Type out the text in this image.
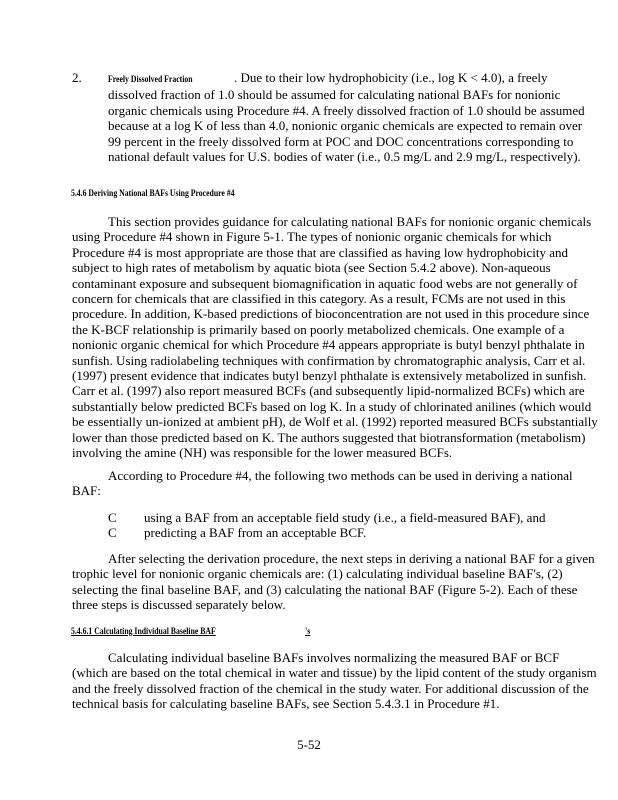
2.	Freely Dissolved Fraction	. Due to their low hydrophobicity (i.e., log K < 4.0), a freely dissolved fraction of 1.0 should be assumed for calculating national BAFs for nonionic organic chemicals using Procedure #4. A freely dissolved fraction of 1.0 should be assumed because at a log K of less than 4.0, nonionic organic chemicals are expected to remain over 99 percent in the freely dissolved form at POC and DOC concentrations corresponding to national default values for U.S. bodies of water (i.e., 0.5 mg/L and 2.9 mg/L, respectively).
5.4.6 Deriving National BAFs Using Procedure #4
This section provides guidance for calculating national BAFs for nonionic organic chemicals using Procedure #4 shown in Figure 5-1. The types of nonionic organic chemicals for which Procedure #4 is most appropriate are those that are classified as having low hydrophobicity and subject to high rates of metabolism by aquatic biota (see Section 5.4.2 above). Non-aqueous contaminant exposure and subsequent biomagnification in aquatic food webs are not generally of concern for chemicals that are classified in this category. As a result, FCMs are not used in this procedure. In addition, K-based predictions of bioconcentration are not used in this procedure since the K-BCF relationship is primarily based on poorly metabolized chemicals. One example of a nonionic organic chemical for which Procedure #4 appears appropriate is butyl benzyl phthalate in sunfish. Using radiolabeling techniques with confirmation by chromatographic analysis, Carr et al. (1997) present evidence that indicates butyl benzyl phthalate is extensively metabolized in sunfish. Carr et al. (1997) also report measured BCFs (and subsequently lipid-normalized BCFs) which are substantially below predicted BCFs based on log K. In a study of chlorinated anilines (which would be essentially un-ionized at ambient pH), de Wolf et al. (1992) reported measured BCFs substantially lower than those predicted based on K. The authors suggested that biotransformation (metabolism) involving the amine (NH) was responsible for the lower measured BCFs.
According to Procedure #4, the following two methods can be used in deriving a national BAF:
C using a BAF from an acceptable field study (i.e., a field-measured BAF), and
C predicting a BAF from an acceptable BCF.
After selecting the derivation procedure, the next steps in deriving a national BAF for a given trophic level for nonionic organic chemicals are: (1) calculating individual baseline BAF's, (2) selecting the final baseline BAF, and (3) calculating the national BAF (Figure 5-2). Each of these three steps is discussed separately below.
5.4.6.1 Calculating Individual Baseline BAF	's
Calculating individual baseline BAFs involves normalizing the measured BAF or BCF (which are based on the total chemical in water and tissue) by the lipid content of the study organism and the freely dissolved fraction of the chemical in the study water. For additional discussion of the technical basis for calculating baseline BAFs, see Section 5.4.3.1 in Procedure #1.
5-52
